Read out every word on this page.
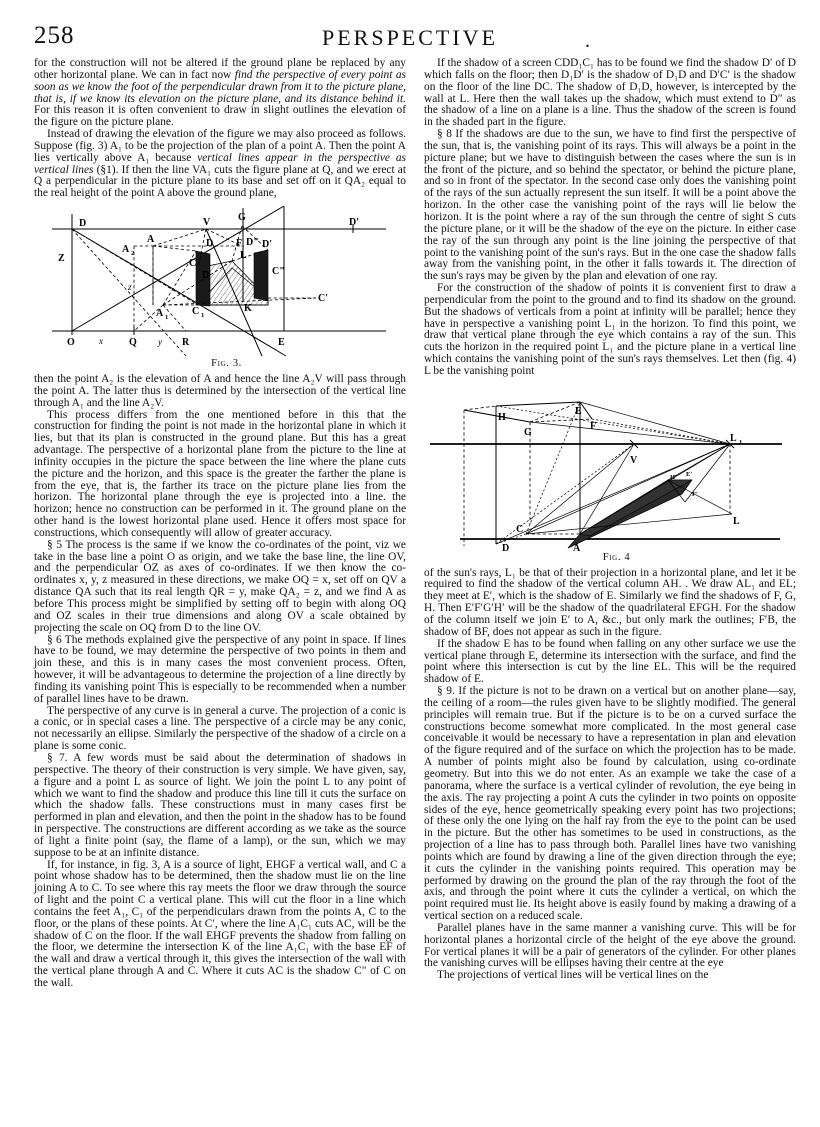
258	PERSPECTIVE	.

for the construction will not be altered if the ground plane be replaced by any other horizontal plane. We can in fact now find the perspective of every point as soon as we know the foot of the perpendicular drawn from it to the picture plane, that is, if we know its elevation on the picture plane, and its distance behind it. For this reason it is often convenient to draw in slight outlines the elevation of the figure on the picture plane.

Instead of drawing the elevation of the figure we may also proceed as follows. Suppose (fig. 3) A₁ to be the projection of the plan of a point A. Then the point A lies vertically above A₁ because vertical lines appear in the perspective as vertical lines (§1). If then the line VA₁ cuts the figure plane at Q, and we erect at Q a perpendicular in the picture plane to its base and set off on it QA₂ equal to the real height of the point A above the ground plane,

D	V	G	D'
Z
A 2
A
C
D F D" D'
L
D	C"
C'
C 1
K
A 1
z
O	x	Q y R	E

Fig. 3.

then the point A₂ is the elevation of A and hence the line A₂V will pass through the point A. The latter thus is determined by the intersection of the vertical line through A₁ and the line A₂V.

This process differs from the one mentioned before in this that the construction for finding the point is not made in the horizontal plane in which it lies, but that its plan is constructed in the ground plane. But this has a great advantage. The perspective of a horizontal plane from the picture to the line at infinity occupies in the picture the space between the line where the plane cuts the picture and the horizon, and this space is the greater the farther the plane is from the eye, that is, the farther its trace on the picture plane lies from the horizon. The horizontal plane through the eye is projected into a line. the horizon; hence no construction can be performed in it. The ground plane on the other hand is the lowest horizontal plane used. Hence it offers most space for constructions, which consequently will allow of greater accuracy.

§ 5 The process is the same if we know the co-ordinates of the point, viz we take in the base line a point O as origin, and we take the base line, the line OV, and the perpendicular OZ as axes of co-ordinates. If we then know the co-ordinates x, y, z measured in these directions, we make OQ = x, set off on QV a distance QA such that its real length QR = y, make QA₂ = z, and we find A as before This process might be simplified by setting off to begin with along OQ and OZ scales in their true dimensions and along OV a scale obtained by projecting the scale on OQ from D to the line OV.

§ 6 The methods explained give the perspective of any point in space. If lines have to be found, we may determine the perspective of two points in them and join these, and this is in many cases the most convenient process. Often, however, it will be advantageous to determine the projection of a line directly by finding its vanishing point This is especially to be recommended when a number of parallel lines have to be drawn.

The perspective of any curve is in general a curve. The projection of a conic is a conic, or in special cases a line. The perspective of a circle may be any conic, not necessarily an ellipse. Similarly the perspective of the shadow of a circle on a plane is some conic.

§ 7. A few words must be said about the determination of shadows in perspective. The theory of their construction is very simple. We have given, say, a figure and a point L as source of light. We join the point L to any point of which we want to find the shadow and produce this line till it cuts the surface on which the shadow falls. These constructions must in many cases first be performed in plan and elevation, and then the point in the shadow has to be found in perspective. The constructions are different according as we take as the source of light a finite point (say, the flame of a lamp), or the sun, which we may suppose to be at an infinite distance.

If, for instance, in fig. 3, A is a source of light, EHGF a vertical wall, and C a point whose shadow has to be determined, then the shadow must lie on the line joining A to C. To see where this ray meets the floor we draw through the source of light and the point C a vertical plane. This will cut the floor in a line which contains the feet A₁, C₁ of the perpendiculars drawn from the points A, C to the floor, or the plans of these points. At C′, where the line A₁C₁ cuts AC, will be the shadow of C on the floor. If the wall EHGF prevents the shadow from falling on the floor, we determine the intersection K of the line A₁C₁ with the base EF of the wall and draw a vertical through it, this gives the intersection of the wall with the vertical plane through A and C. Where it cuts AC is the shadow C" of C on the wall.

If the shadow of a screen CDD₁C₁ has to be found we find the shadow D′ of D which falls on the floor; then D₁D′ is the shadow of D₁D and D′C′ is the shadow on the floor of the line DC. The shadow of D₁D, however, is intercepted by the wall at L. Here then the wall takes up the shadow, which must extend to D″ as the shadow of a line on a plane is a line. Thus the shadow of the screen is found in the shaded part in the figure.

§ 8 If the shadows are due to the sun, we have to find first the perspective of the sun, that is, the vanishing point of its rays. This will always be a point in the picture plane; but we have to distinguish between the cases where the sun is in the front of the picture, and so behind the spectator, or behind the picture plane, and so in front of the spectator. In the second case only does the vanishing point of the rays of the sun actually represent the sun itself. It will be a point above the horizon. In the other case the vanishing point of the rays will lie below the horizon. It is the point where a ray of the sun through the centre of sight S cuts the picture plane, or it will be the shadow of the eye on the picture. In either case the ray of the sun through any point is the line joining the perspective of that point to the vanishing point of the sun's rays. But in the one case the shadow falls away from the vanishing point, in the other it falls towards it. The direction of the sun's rays may be given by the plan and elevation of one ray.

For the construction of the shadow of points it is convenient first to draw a perpendicular from the point to the ground and to find its shadow on the ground. But the shadows of verticals from a point at infinity will be parallel; hence they have in perspective a vanishing point L₁ in the horizon. To find this point, we draw that vertical plane through the eye which contains a ray of the sun. This cuts the horizon in the required point L₁ and the picture plane in a vertical line which contains the vanishing point of the sun's rays themselves. Let then (fig. 4) L be the vanishing point

H
E
F
G
V
C
D	A
L
L 1
H' E'
F'

Fig. 4

of the sun's rays, L₁ be that of their projection in a horizontal plane, and let it be required to find the shadow of the vertical column AH. . We draw AL₁ and EL; they meet at E′, which is the shadow of E. Similarly we find the shadows of F, G, H. Then E′F′G′H′ will be the shadow of the quadrilateral EFGH. For the shadow of the column itself we join E′ to A, &c., but only mark the outlines; F′B, the shadow of BF, does not appear as such in the figure.

If the shadow E has to be found when falling on any other surface we use the vertical plane through E, determine its intersection with the surface, and find the point where this intersection is cut by the line EL. This will be the required shadow of E.

§ 9. If the picture is not to be drawn on a vertical but on another plane—say, the ceiling of a room—the rules given have to be slightly modified. The general principles will remain true. But if the picture is to be on a curved surface the constructions become somewhat more complicated. In the most general case conceivable it would be necessary to have a representation in plan and elevation of the figure required and of the surface on which the projection has to be made. A number of points might also be found by calculation, using co-ordinate geometry. But into this we do not enter. As an example we take the case of a panorama, where the surface is a vertical cylinder of revolution, the eye being in the axis. The ray projecting a point A cuts the cylinder in two points on opposite sides of the eye, hence geometrically speaking every point has two projections; of these only the one lying on the half ray from the eye to the point can be used in the picture. But the other has sometimes to be used in constructions, as the projection of a line has to pass through both. Parallel lines have two vanishing points which are found by drawing a line of the given direction through the eye; it cuts the cylinder in the vanishing points required. This operation may be performed by drawing on the ground the plan of the ray through the foot of the axis, and through the point where it cuts the cylinder a vertical, on which the point required must lie. Its height above is easily found by making a drawing of a vertical section on a reduced scale.

Parallel planes have in the same manner a vanishing curve. This will be for horizontal planes a horizontal circle of the height of the eye above the ground. For vertical planes it will be a pair of generators of the cylinder. For other planes the vanishing curves will be ellipses having their centre at the eye

The projections of vertical lines will be vertical lines on the
